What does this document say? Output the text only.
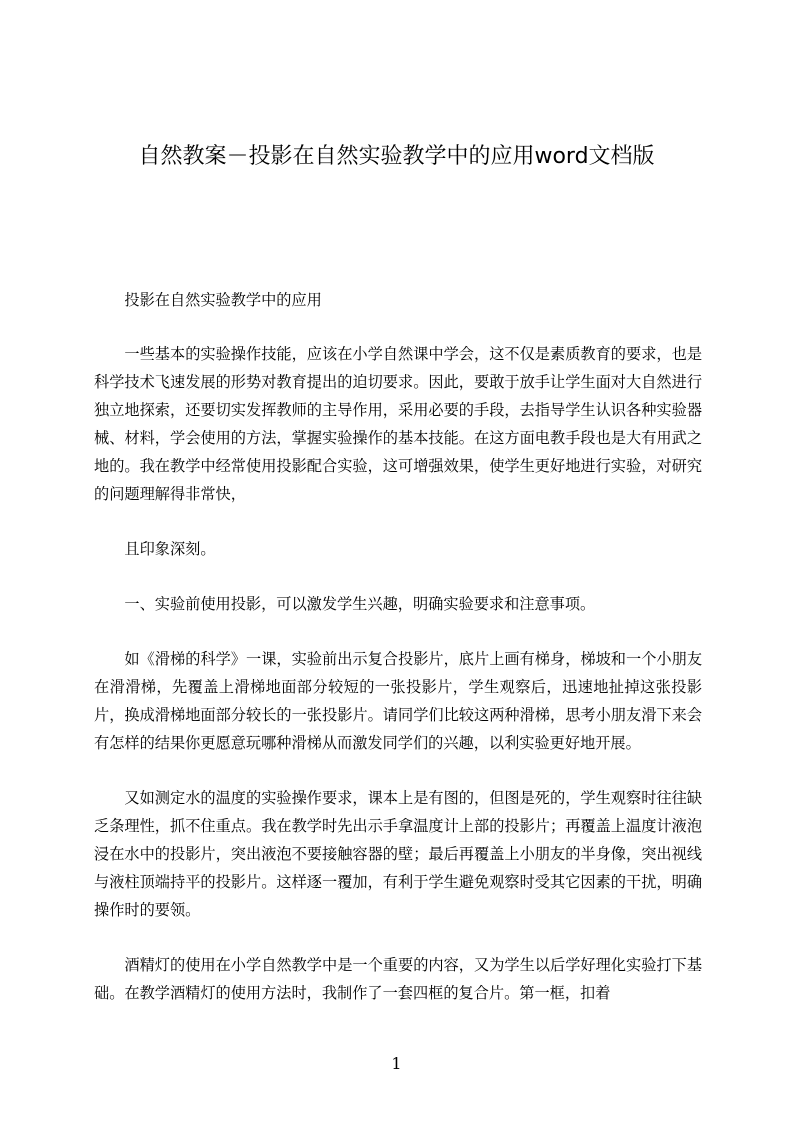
自然教案－投影在自然实验教学中的应用word文档版

投影在自然实验教学中的应用

一些基本的实验操作技能，应该在小学自然课中学会，这不仅是素质教育的要求，也是科学技术飞速发展的形势对教育提出的迫切要求。因此，要敢于放手让学生面对大自然进行独立地探索，还要切实发挥教师的主导作用，采用必要的手段，去指导学生认识各种实验器械、材料，学会使用的方法，掌握实验操作的基本技能。在这方面电教手段也是大有用武之地的。我在教学中经常使用投影配合实验，这可增强效果，使学生更好地进行实验，对研究的问题理解得非常快，

且印象深刻。

一、实验前使用投影，可以激发学生兴趣，明确实验要求和注意事项。

如《滑梯的科学》一课，实验前出示复合投影片，底片上画有梯身，梯坡和一个小朋友在滑滑梯，先覆盖上滑梯地面部分较短的一张投影片，学生观察后，迅速地扯掉这张投影片，换成滑梯地面部分较长的一张投影片。请同学们比较这两种滑梯，思考小朋友滑下来会有怎样的结果你更愿意玩哪种滑梯从而激发同学们的兴趣，以利实验更好地开展。

又如测定水的温度的实验操作要求，课本上是有图的，但图是死的，学生观察时往往缺乏条理性，抓不住重点。我在教学时先出示手拿温度计上部的投影片；再覆盖上温度计液泡浸在水中的投影片，突出液泡不要接触容器的壁；最后再覆盖上小朋友的半身像，突出视线与液柱顶端持平的投影片。这样逐一覆加，有利于学生避免观察时受其它因素的干扰，明确操作时的要领。

酒精灯的使用在小学自然教学中是一个重要的内容，又为学生以后学好理化实验打下基础。在教学酒精灯的使用方法时，我制作了一套四框的复合片。第一框，扣着

1
